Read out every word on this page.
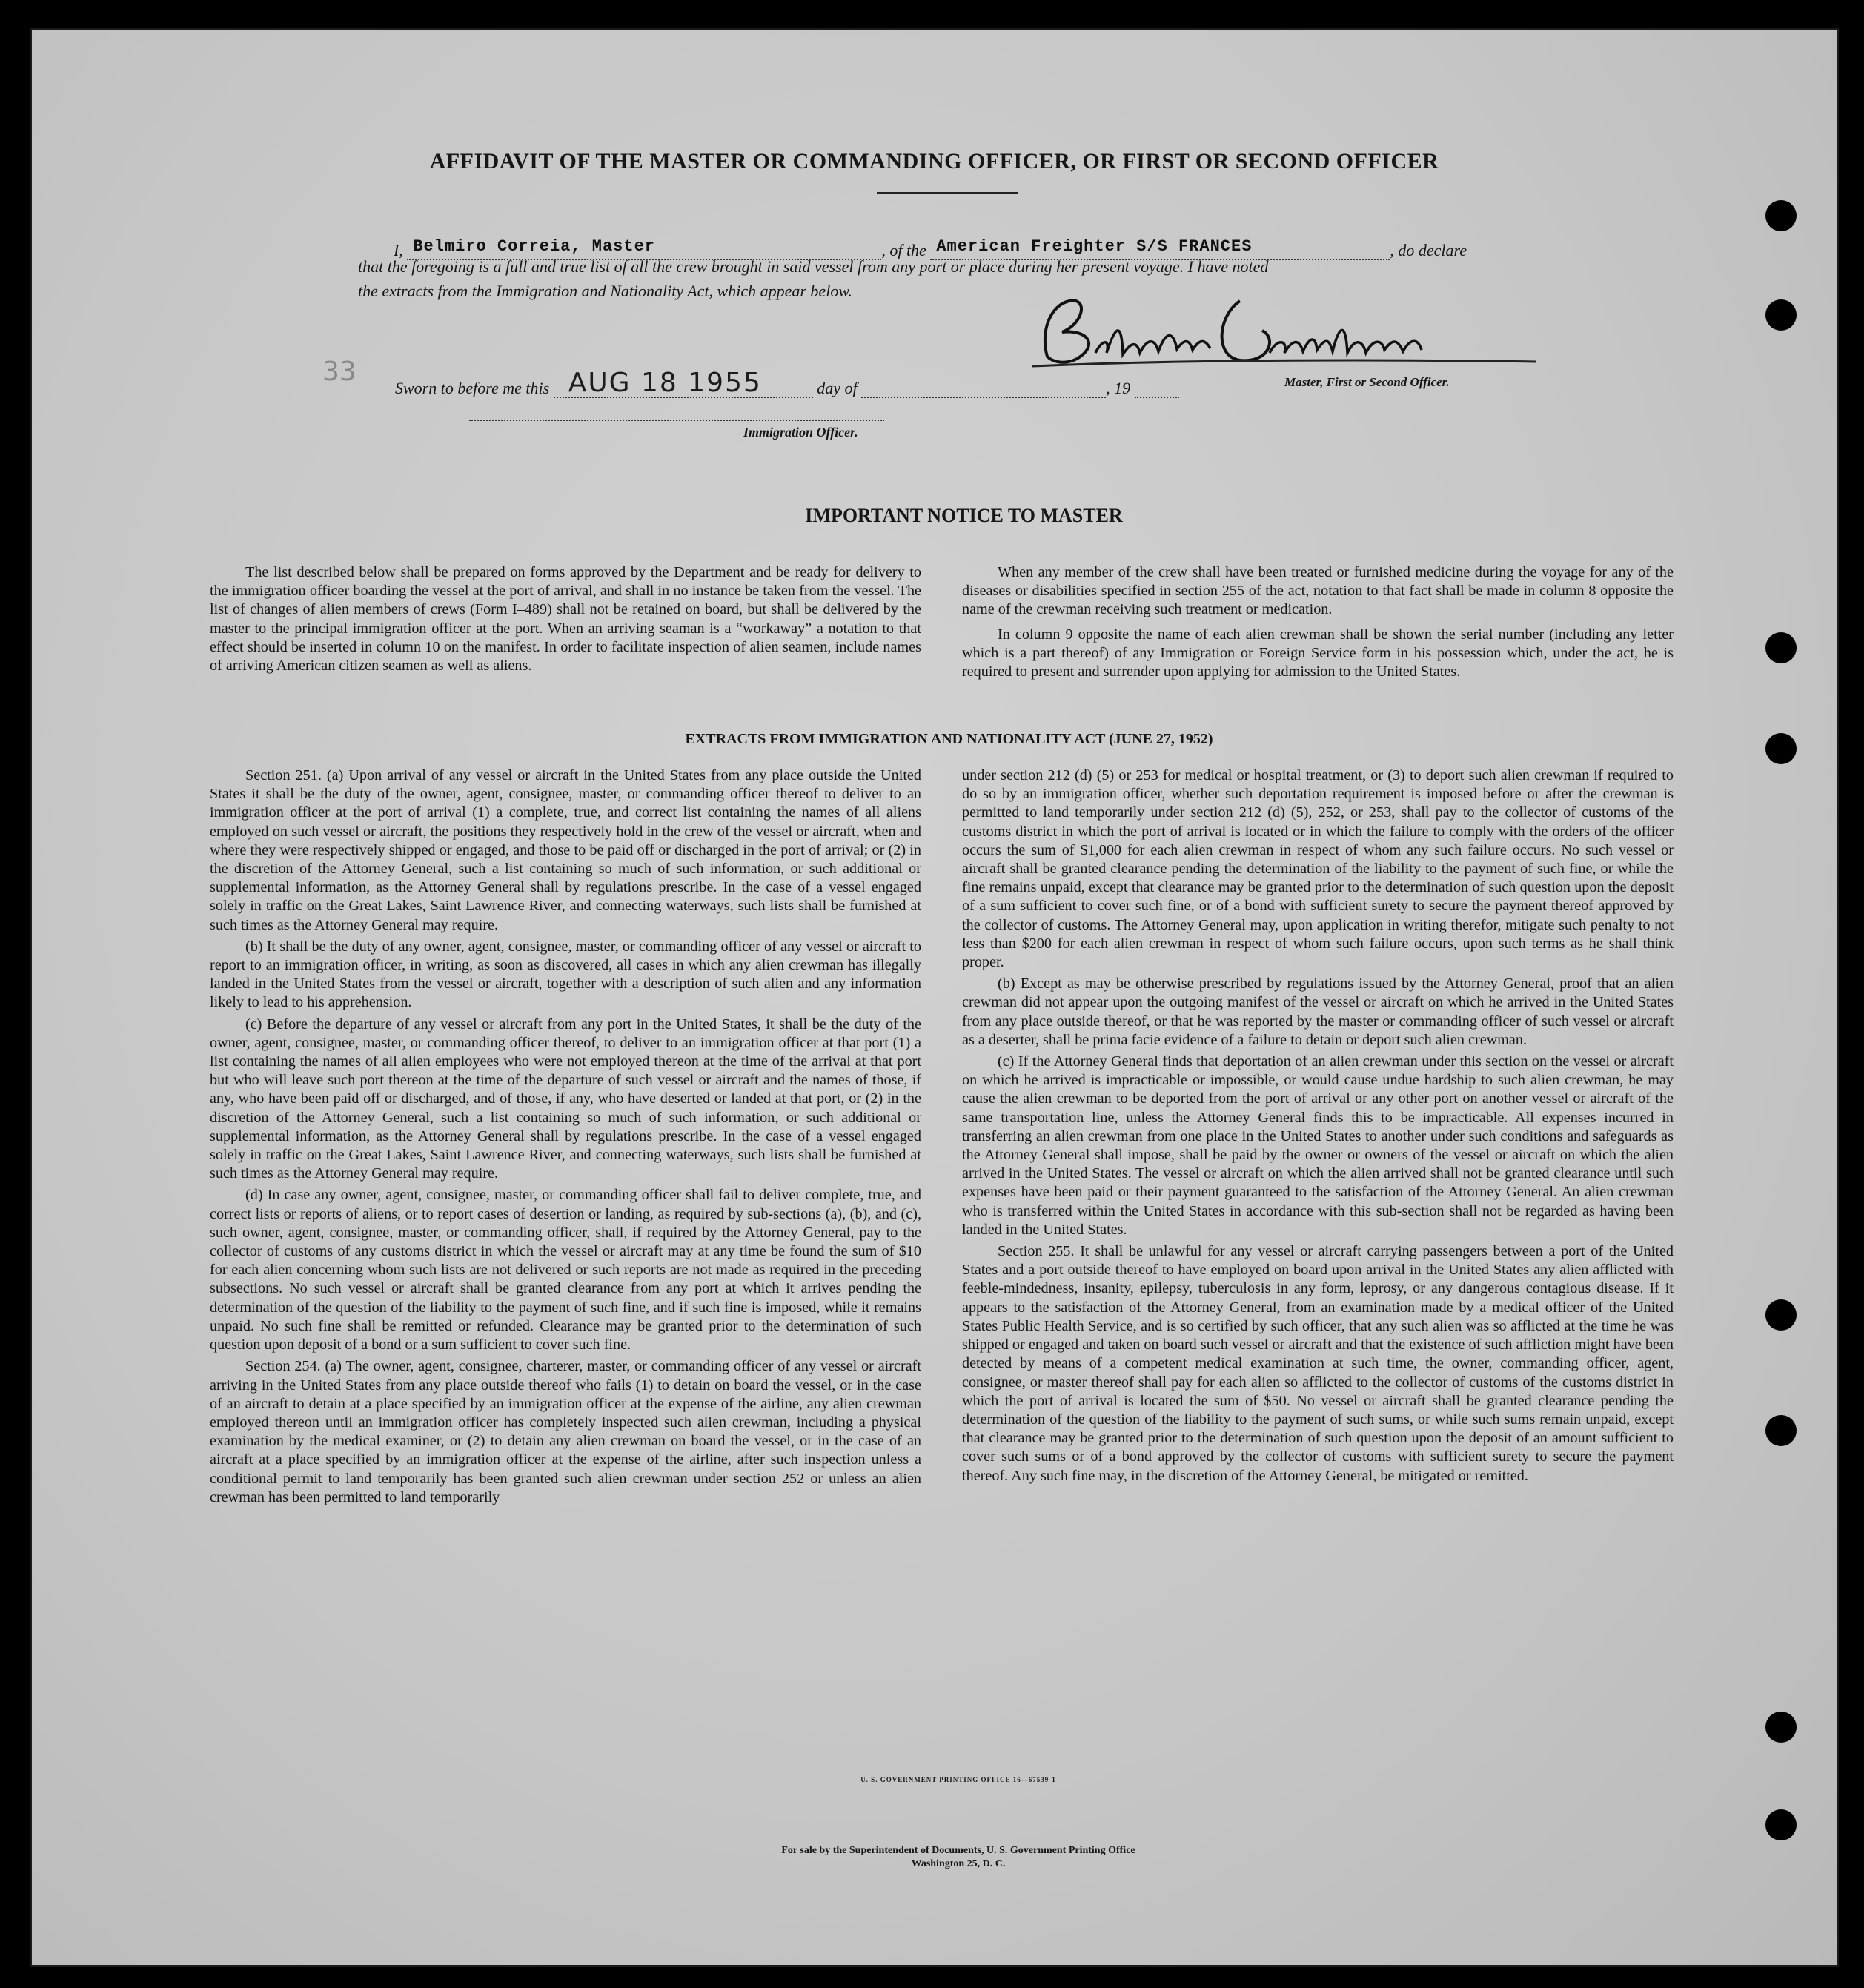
AFFIDAVIT OF THE MASTER OR COMMANDING OFFICER, OR FIRST OR SECOND OFFICER
I, Belmiro Correia, Master	, of the American Freighter S/S FRANCES	, do declare
that the foregoing is a full and true list of all the crew brought in said vessel from any port or place during her present voyage. I have noted
the extracts from the Immigration and Nationality Act, which appear below.
Master, First or Second Officer.
33
Sworn to before me this AUG 18 1955	day of	, 19
Immigration Officer.
IMPORTANT NOTICE TO MASTER

The list described below shall be prepared on forms approved by the Department and be ready for delivery to the immigration officer boarding the vessel at the port of arrival, and shall in no instance be taken from the vessel. The list of changes of alien members of crews (Form I–489) shall not be retained on board, but shall be delivered by the master to the principal immigration officer at the port. When an arriving seaman is a “workaway” a notation to that effect should be inserted in column 10 on the manifest. In order to facilitate inspection of alien seamen, include names of arriving American citizen seamen as well as aliens.

When any member of the crew shall have been treated or furnished medicine during the voyage for any of the diseases or disabilities specified in section 255 of the act, notation to that fact shall be made in column 8 opposite the name of the crewman receiving such treatment or medication.

In column 9 opposite the name of each alien crewman shall be shown the serial number (including any letter which is a part thereof) of any Immigration or Foreign Service form in his possession which, under the act, he is required to present and surrender upon applying for admission to the United States.

EXTRACTS FROM IMMIGRATION AND NATIONALITY ACT (JUNE 27, 1952)

Section 251. (a) Upon arrival of any vessel or aircraft in the United States from any place outside the United States it shall be the duty of the owner, agent, consignee, master, or commanding officer thereof to deliver to an immigration officer at the port of arrival (1) a complete, true, and correct list containing the names of all aliens employed on such vessel or aircraft, the positions they respectively hold in the crew of the vessel or aircraft, when and where they were respectively shipped or engaged, and those to be paid off or discharged in the port of arrival; or (2) in the discretion of the Attorney General, such a list containing so much of such information, or such additional or supplemental information, as the Attorney General shall by regulations prescribe. In the case of a vessel engaged solely in traffic on the Great Lakes, Saint Lawrence River, and connecting waterways, such lists shall be furnished at such times as the Attorney General may require.

(b) It shall be the duty of any owner, agent, consignee, master, or commanding officer of any vessel or aircraft to report to an immigration officer, in writing, as soon as discovered, all cases in which any alien crewman has illegally landed in the United States from the vessel or aircraft, together with a description of such alien and any information likely to lead to his apprehension.

(c) Before the departure of any vessel or aircraft from any port in the United States, it shall be the duty of the owner, agent, consignee, master, or commanding officer thereof, to deliver to an immigration officer at that port (1) a list containing the names of all alien employees who were not employed thereon at the time of the arrival at that port but who will leave such port thereon at the time of the departure of such vessel or aircraft and the names of those, if any, who have been paid off or discharged, and of those, if any, who have deserted or landed at that port, or (2) in the discretion of the Attorney General, such a list containing so much of such information, or such additional or supplemental information, as the Attorney General shall by regulations prescribe. In the case of a vessel engaged solely in traffic on the Great Lakes, Saint Lawrence River, and connecting waterways, such lists shall be furnished at such times as the Attorney General may require.

(d) In case any owner, agent, consignee, master, or commanding officer shall fail to deliver complete, true, and correct lists or reports of aliens, or to report cases of desertion or landing, as required by sub-sections (a), (b), and (c), such owner, agent, consignee, master, or commanding officer, shall, if required by the Attorney General, pay to the collector of customs of any customs district in which the vessel or aircraft may at any time be found the sum of $10 for each alien concerning whom such lists are not delivered or such reports are not made as required in the preceding subsections. No such vessel or aircraft shall be granted clearance from any port at which it arrives pending the determination of the question of the liability to the payment of such fine, and if such fine is imposed, while it remains unpaid. No such fine shall be remitted or refunded. Clearance may be granted prior to the determination of such question upon deposit of a bond or a sum sufficient to cover such fine.

Section 254. (a) The owner, agent, consignee, charterer, master, or commanding officer of any vessel or aircraft arriving in the United States from any place outside thereof who fails (1) to detain on board the vessel, or in the case of an aircraft to detain at a place specified by an immigration officer at the expense of the airline, any alien crewman employed thereon until an immigration officer has completely inspected such alien crewman, including a physical examination by the medical examiner, or (2) to detain any alien crewman on board the vessel, or in the case of an aircraft at a place specified by an immigration officer at the expense of the airline, after such inspection unless a conditional permit to land temporarily has been granted such alien crewman under section 252 or unless an alien crewman has been permitted to land temporarily

under section 212 (d) (5) or 253 for medical or hospital treatment, or (3) to deport such alien crewman if required to do so by an immigration officer, whether such deportation requirement is imposed before or after the crewman is permitted to land temporarily under section 212 (d) (5), 252, or 253, shall pay to the collector of customs of the customs district in which the port of arrival is located or in which the failure to comply with the orders of the officer occurs the sum of $1,000 for each alien crewman in respect of whom any such failure occurs. No such vessel or aircraft shall be granted clearance pending the determination of the liability to the payment of such fine, or while the fine remains unpaid, except that clearance may be granted prior to the determination of such question upon the deposit of a sum sufficient to cover such fine, or of a bond with sufficient surety to secure the payment thereof approved by the collector of customs. The Attorney General may, upon application in writing therefor, mitigate such penalty to not less than $200 for each alien crewman in respect of whom such failure occurs, upon such terms as he shall think proper.

(b) Except as may be otherwise prescribed by regulations issued by the Attorney General, proof that an alien crewman did not appear upon the outgoing manifest of the vessel or aircraft on which he arrived in the United States from any place outside thereof, or that he was reported by the master or commanding officer of such vessel or aircraft as a deserter, shall be prima facie evidence of a failure to detain or deport such alien crewman.

(c) If the Attorney General finds that deportation of an alien crewman under this section on the vessel or aircraft on which he arrived is impracticable or impossible, or would cause undue hardship to such alien crewman, he may cause the alien crewman to be deported from the port of arrival or any other port on another vessel or aircraft of the same transportation line, unless the Attorney General finds this to be impracticable. All expenses incurred in transferring an alien crewman from one place in the United States to another under such conditions and safeguards as the Attorney General shall impose, shall be paid by the owner or owners of the vessel or aircraft on which the alien arrived in the United States. The vessel or aircraft on which the alien arrived shall not be granted clearance until such expenses have been paid or their payment guaranteed to the satisfaction of the Attorney General. An alien crewman who is transferred within the United States in accordance with this sub-section shall not be regarded as having been landed in the United States.

Section 255. It shall be unlawful for any vessel or aircraft carrying passengers between a port of the United States and a port outside thereof to have employed on board upon arrival in the United States any alien afflicted with feeble-mindedness, insanity, epilepsy, tuberculosis in any form, leprosy, or any dangerous contagious disease. If it appears to the satisfaction of the Attorney General, from an examination made by a medical officer of the United States Public Health Service, and is so certified by such officer, that any such alien was so afflicted at the time he was shipped or engaged and taken on board such vessel or aircraft and that the existence of such affliction might have been detected by means of a competent medical examination at such time, the owner, commanding officer, agent, consignee, or master thereof shall pay for each alien so afflicted to the collector of customs of the customs district in which the port of arrival is located the sum of $50. No vessel or aircraft shall be granted clearance pending the determination of the question of the liability to the payment of such sums, or while such sums remain unpaid, except that clearance may be granted prior to the determination of such question upon the deposit of an amount sufficient to cover such sums or of a bond approved by the collector of customs with sufficient surety to secure the payment thereof. Any such fine may, in the discretion of the Attorney General, be mitigated or remitted.

U. S. GOVERNMENT PRINTING OFFICE 16—67539-1
For sale by the Superintendent of Documents, U. S. Government Printing Office
Washington 25, D. C.
